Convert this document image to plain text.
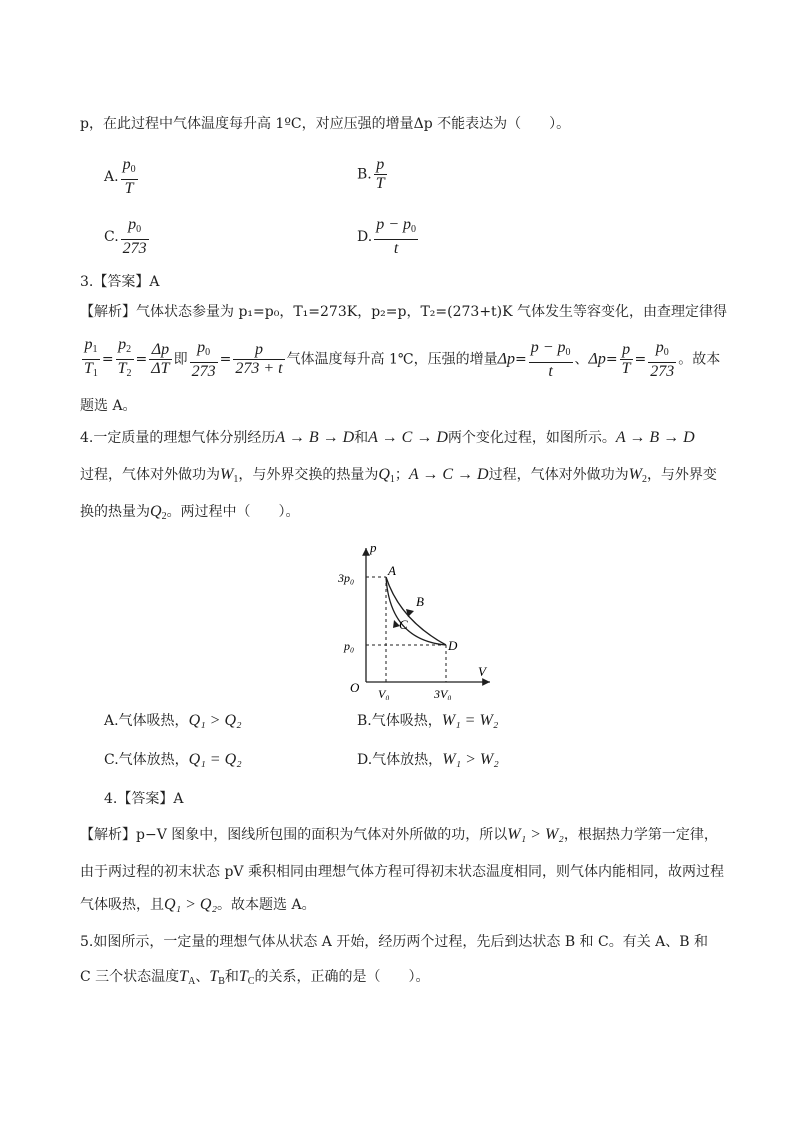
p，在此过程中气体温度每升高 1ºC，对应压强的增量Δp 不能表达为（　　）。
A. $\frac{p_0}{T}$	B. $\frac{p}{T}$
C. $\frac{p_0}{273}$	D. $\frac{p - p_0}{t}$
3.【答案】A
【解析】气体状态参量为 p₁=p₀，T₁=273K，p₂=p，T₂=(273+t)K 气体发生等容变化，由查理定律得
$\frac{p_1}{T_1} = \frac{p_2}{T_2} = \frac{\Delta p}{\Delta T}$ 即 $\frac{p_0}{273} = \frac{p}{273 + t}$ 气体温度每升高 1℃，压强的增量$\Delta p= \frac{p - p_0}{t}$ 、$\Delta p= \frac{p}{T} = \frac{p_0}{273}$ 。故本
题选 A。
4.一定质量的理想气体分别经历A → B → D和A → C → D两个变化过程，如图所示。A → B → D
过程，气体对外做功为$W_1$，与外界交换的热量为$Q_1$；A → C → D过程，气体对外做功为$W_2$，与外界变
换的热量为$Q_2$。两过程中（　　）。
p
V
O
3p₀
p₀
V₀	3V₀
A
B
C
D
A.气体吸热，Q₁ > Q₂	B.气体吸热，W₁ = W₂
C.气体放热，Q₁ = Q₂	D.气体放热，W₁ > W₂
4.【答案】A
【解析】p−V 图象中，图线所包围的面积为气体对外所做的功，所以W₁ > W₂，根据热力学第一定律，
由于两过程的初末状态 pV 乘积相同由理想气体方程可得初末状态温度相同，则气体内能相同，故两过程
气体吸热，且Q₁ > Q₂。故本题选 A。
5.如图所示，一定量的理想气体从状态 A 开始，经历两个过程，先后到达状态 B 和 C。有关 A、B 和
C 三个状态温度$T_A$、$T_B$和$T_C$的关系，正确的是（　　）。
